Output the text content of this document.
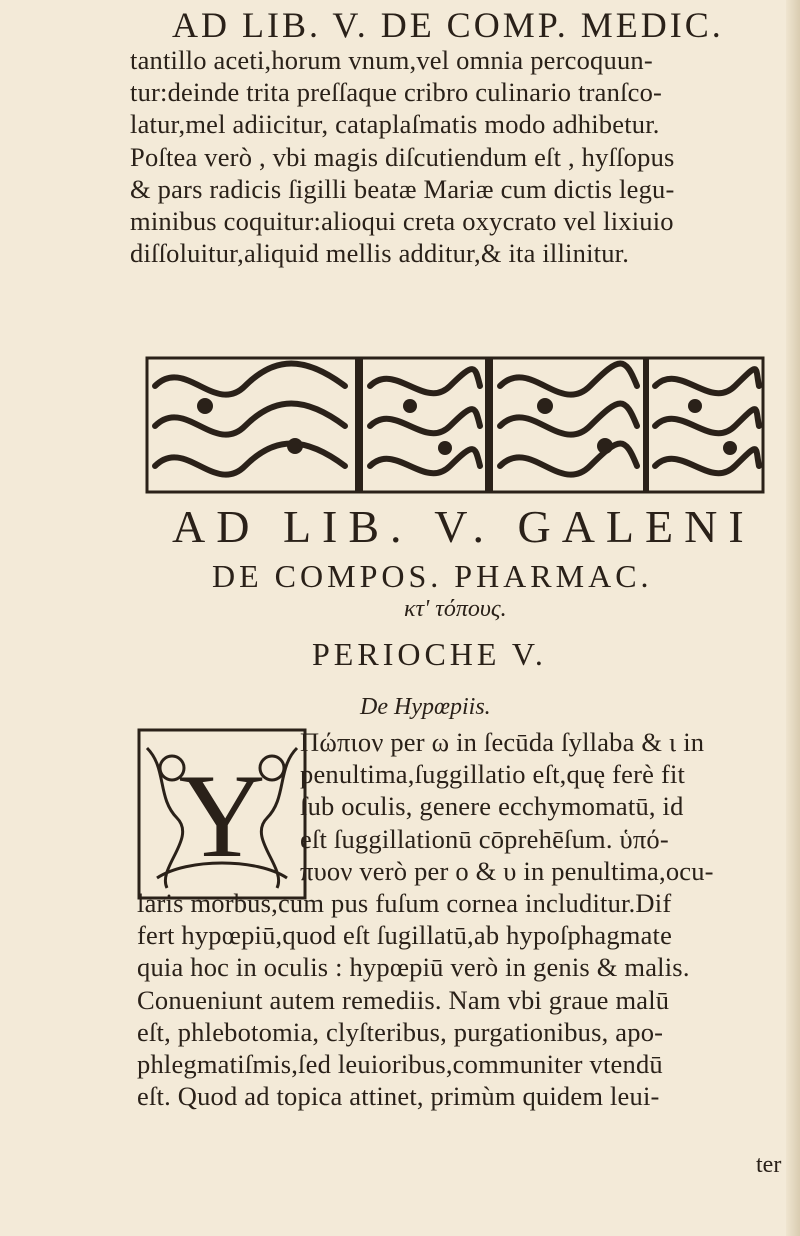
AD LIB. V. DE COMP. MEDIC.
tantillo aceti,horum vnum,vel omnia percoquun-
tur:deinde trita preſſaque cribro culinario tranſco-
latur,mel adiicitur, cataplaſmatis modo adhibetur.
Poſtea verò , vbi magis diſcutiendum eſt , hyſſopus
& pars radicis ſigilli beatæ Mariæ cum dictis legu-
minibus coquitur:alioqui creta oxycrato vel lixiuio
diſſoluitur,aliquid mellis additur,& ita illinitur.
AD LIB. V. GALENI
DE COMPOS. PHARMAC.
κτ' τόπους.
PERIOCHE V.
De Hypœpiis.
Y
Πώπιον per ω in ſecūda ſyllaba & ι in
penultima,ſuggillatio eſt,quę ferè fit
ſub oculis, genere ecchymomatū, id
eſt ſuggillationū cōprehēſum. ὑπό-
πυον verò per ο & υ in penultima,ocu-
laris morbus,cum pus fuſum cornea includitur.Dif
fert hypœpiū,quod eſt ſugillatū,ab hypoſphagmate
quia hoc in oculis : hypœpiū verò in genis & malis.
Conueniunt autem remediis. Nam vbi graue malū
eſt, phlebotomia, clyſteribus, purgationibus, apo-
phlegmatiſmis,ſed leuioribus,communiter vtendū
eſt. Quod ad topica attinet, primùm quidem leui-
ter
